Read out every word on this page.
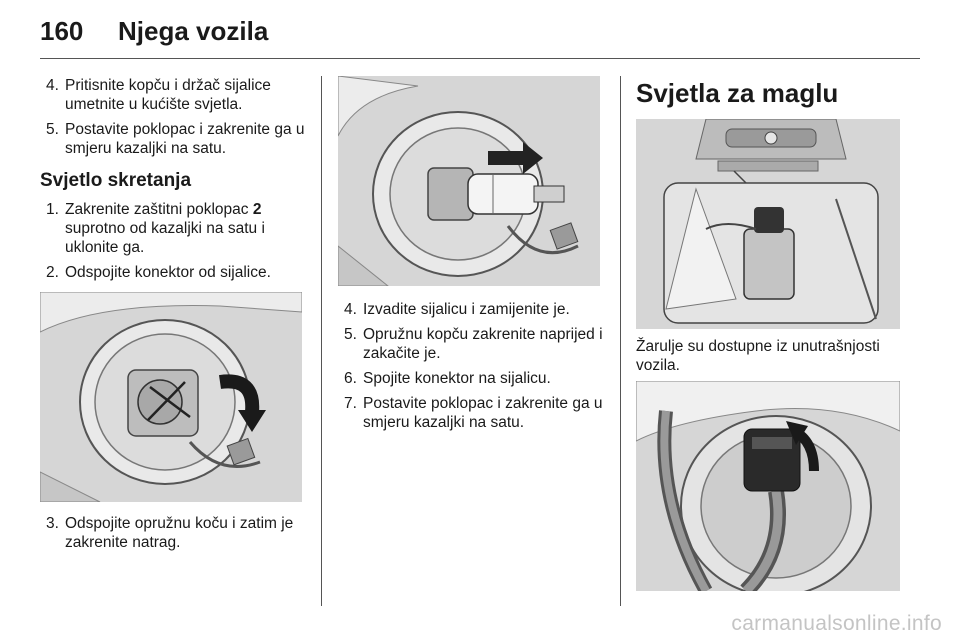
160 Njega vozila
4. Pritisnite kopču i držač sijalice umetnite u kućište svjetla.
5. Postavite poklopac i zakrenite ga u smjeru kazaljki na satu.
Svjetlo skretanja
1. Zakrenite zaštitni poklopac 2 suprotno od kazaljki na satu i uklonite ga.
2. Odspojite konektor od sijalice.
3. Odspojite opružnu koču i zatim je zakrenite natrag.
4. Izvadite sijalicu i zamijenite je.
5. Opružnu kopču zakrenite naprijed i zakačite je.
6. Spojite konektor na sijalicu.
7. Postavite poklopac i zakrenite ga u smjeru kazaljki na satu.
Svjetla za maglu
Žarulje su dostupne iz unutrašnjosti vozila.
carmanualsonline.info
